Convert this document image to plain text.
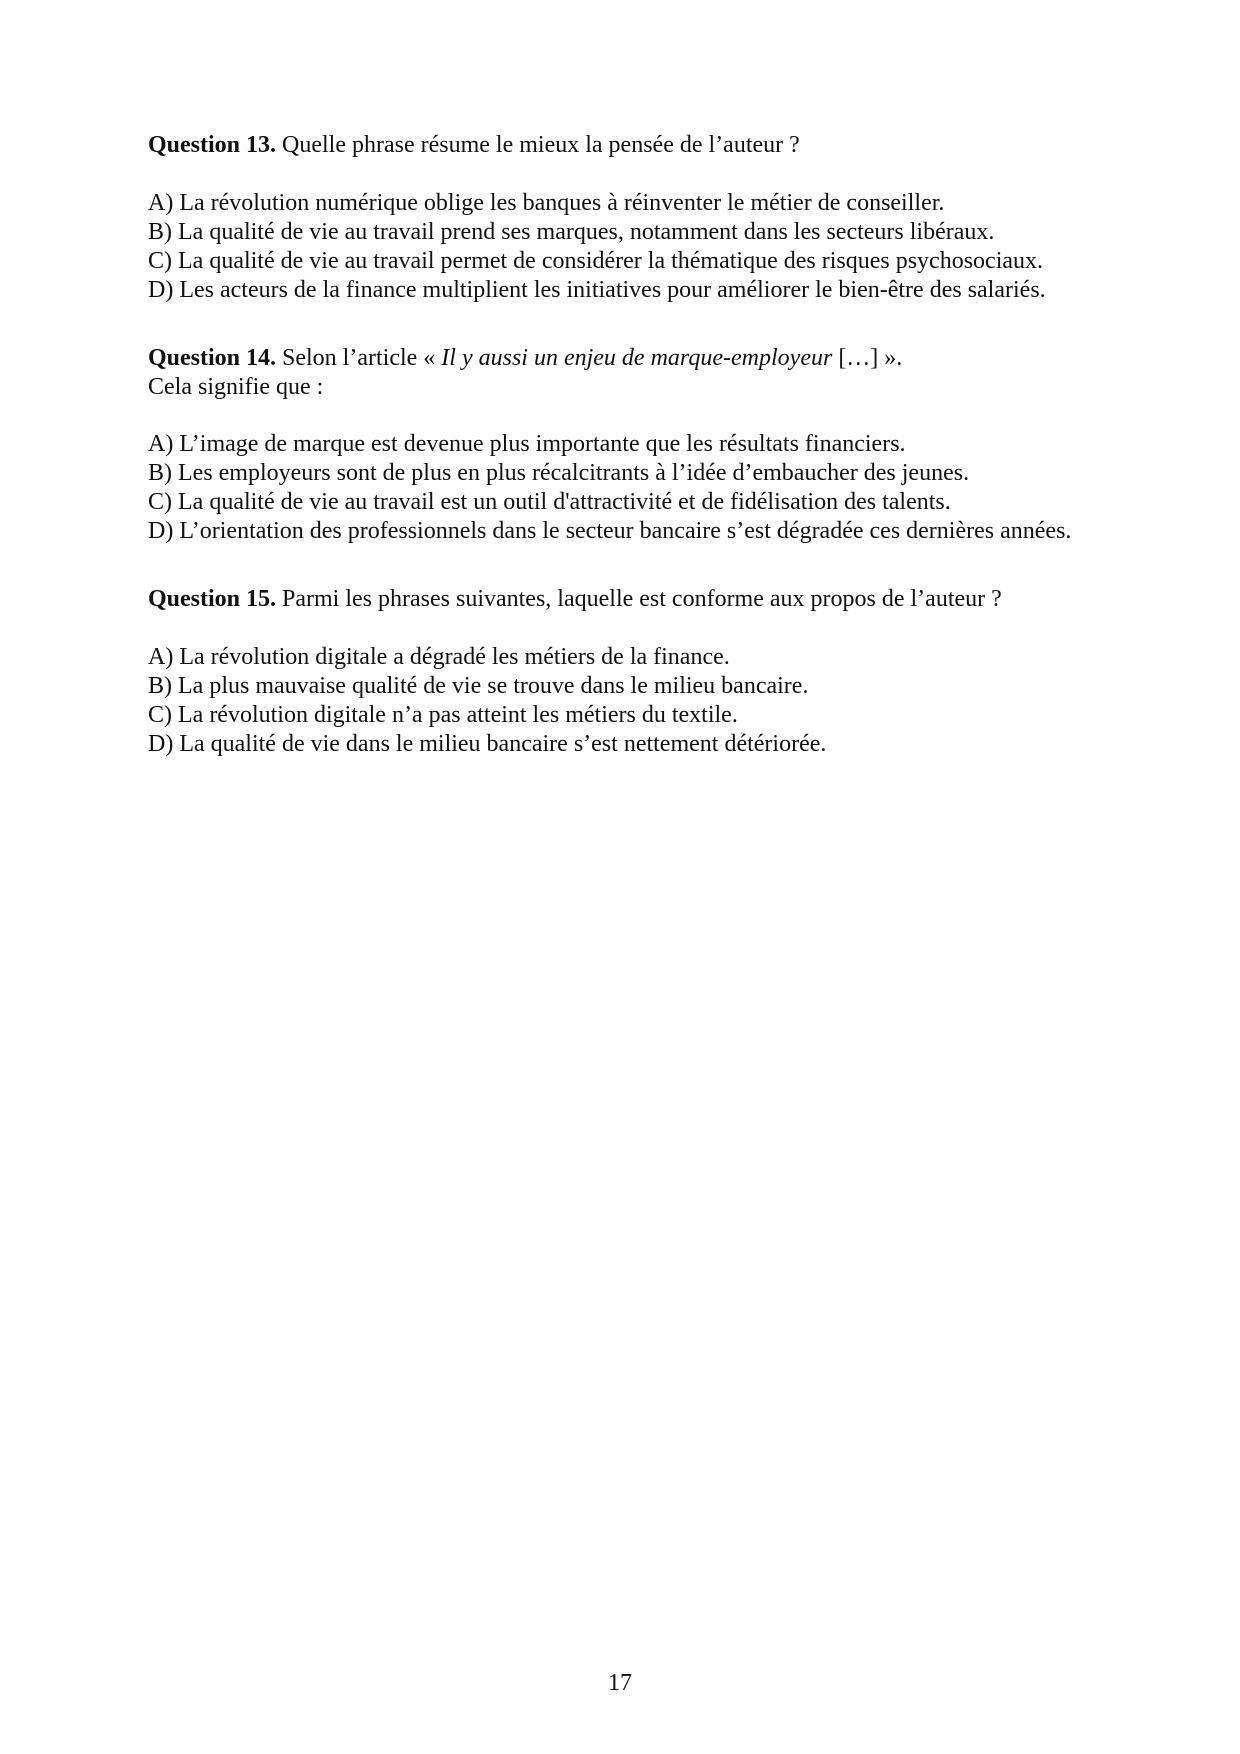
Question 13. Quelle phrase résume le mieux la pensée de l’auteur ?

A) La révolution numérique oblige les banques à réinventer le métier de conseiller.
B) La qualité de vie au travail prend ses marques, notamment dans les secteurs libéraux.
C) La qualité de vie au travail permet de considérer la thématique des risques psychosociaux.
D) Les acteurs de la finance multiplient les initiatives pour améliorer le bien-être des salariés.

Question 14. Selon l’article « Il y aussi un enjeu de marque-employeur […] ».

Cela signifie que :

A) L’image de marque est devenue plus importante que les résultats financiers.
B) Les employeurs sont de plus en plus récalcitrants à l’idée d’embaucher des jeunes.
C) La qualité de vie au travail est un outil d'attractivité et de fidélisation des talents.
D) L’orientation des professionnels dans le secteur bancaire s’est dégradée ces dernières années.

Question 15. Parmi les phrases suivantes, laquelle est conforme aux propos de l’auteur ?

A) La révolution digitale a dégradé les métiers de la finance.
B) La plus mauvaise qualité de vie se trouve dans le milieu bancaire.
C) La révolution digitale n’a pas atteint les métiers du textile.
D) La qualité de vie dans le milieu bancaire s’est nettement détériorée.
17
